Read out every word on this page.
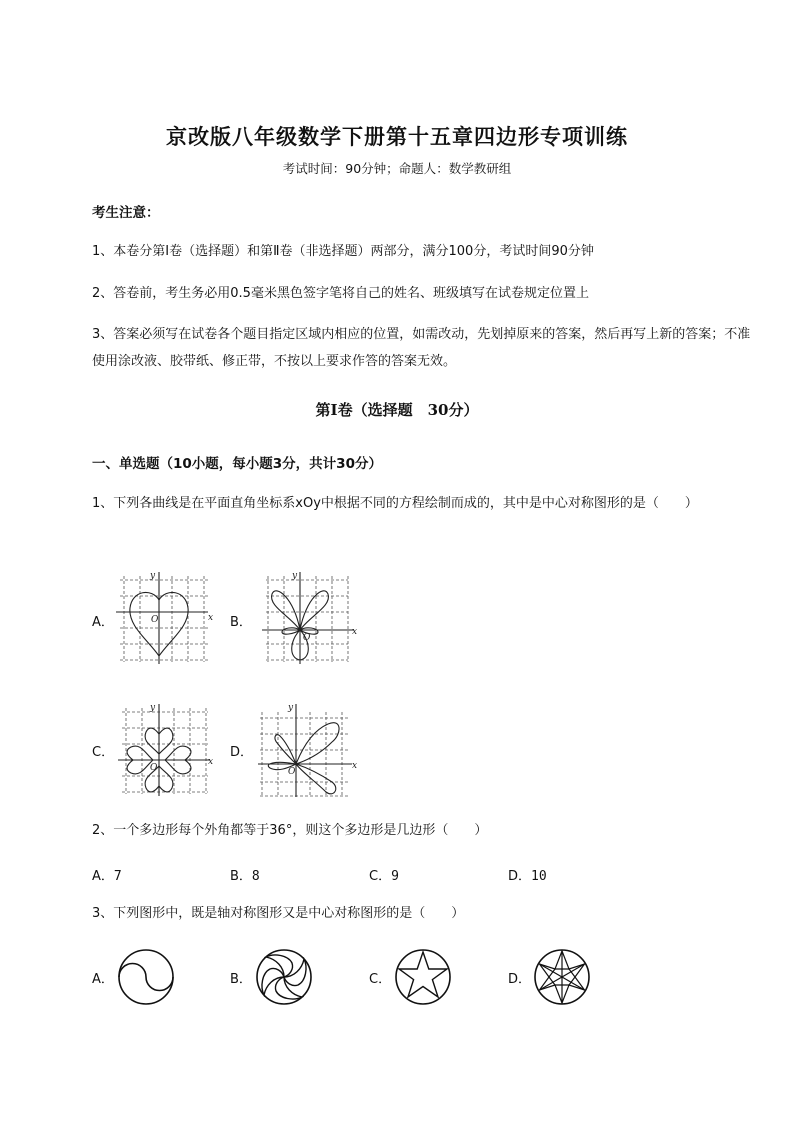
京改版八年级数学下册第十五章四边形专项训练
考试时间：90分钟；命题人：数学教研组
考生注意：
1、本卷分第I卷（选择题）和第Ⅱ卷（非选择题）两部分，满分100分，考试时间90分钟
2、答卷前，考生务必用0.5毫米黑色签字笔将自己的姓名、班级填写在试卷规定位置上
3、答案必须写在试卷各个题目指定区域内相应的位置，如需改动，先划掉原来的答案，然后再写上新的答案；不准使用涂改液、胶带纸、修正带，不按以上要求作答的答案无效。
第I卷（选择题　30分）
一、单选题（10小题，每小题3分，共计30分）
1、下列各曲线是在平面直角坐标系xOy中根据不同的方程绘制而成的，其中是中心对称图形的是（　　）
A．	x
y
O	B．
x
y
O
C．
x
y
O
D．
x
y
O
2、一个多边形每个外角都等于36°，则这个多边形是几边形（　　）
A．7	B．8	C．9	D．10
3、下列图形中，既是轴对称图形又是中心对称图形的是（　　）
A．	B．	C．	D．
